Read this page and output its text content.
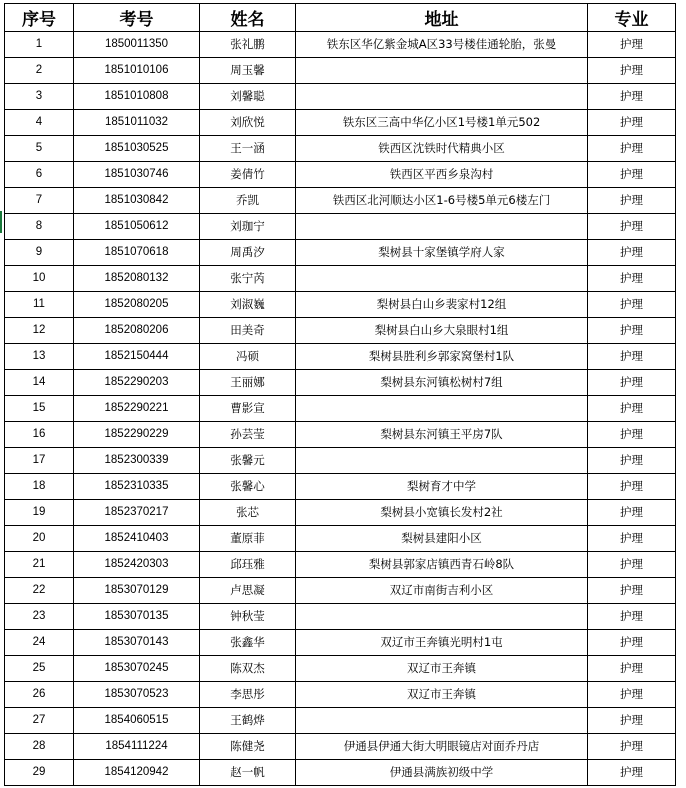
序号	考号	姓名	地址	专业
1	1850011350	张礼鹏	铁东区华亿紫金城A区33号楼佳通轮胎，张曼	护理
2	1851010106	周玉馨		护理
3	1851010808	刘馨聪		护理
4	1851011032	刘欣悦	铁东区三高中华亿小区1号楼1单元502	护理
5	1851030525	王一涵	铁西区沈铁时代精典小区	护理
6	1851030746	姜倩竹	铁西区平西乡泉沟村	护理
7	1851030842	乔凯	铁西区北河顺达小区1-6号楼5单元6楼左门	护理
8	1851050612	刘珈宁		护理
9	1851070618	周禹汐	梨树县十家堡镇学府人家	护理
10	1852080132	张宁芮		护理
11	1852080205	刘淑巍	梨树县白山乡裴家村12组	护理
12	1852080206	田美奇	梨树县白山乡大泉眼村1组	护理
13	1852150444	冯硕	梨树县胜利乡郭家窝堡村1队	护理
14	1852290203	王丽娜	梨树县东河镇松树村7组	护理
15	1852290221	曹影宣		护理
16	1852290229	孙芸莹	梨树县东河镇王平房7队	护理
17	1852300339	张馨元		护理
18	1852310335	张馨心	梨树育才中学	护理
19	1852370217	张芯	梨树县小宽镇长发村2社	护理
20	1852410403	董原菲	梨树县建阳小区	护理
21	1852420303	邱珏雅	梨树县郭家店镇西青石岭8队	护理
22	1853070129	卢思凝	双辽市南街吉利小区	护理
23	1853070135	钟秋莹		护理
24	1853070143	张鑫华	双辽市王奔镇光明村1屯	护理
25	1853070245	陈双杰	双辽市王奔镇	护理
26	1853070523	李思彤	双辽市王奔镇	护理
27	1854060515	王鹤烨		护理
28	1854111224	陈健尧	伊通县伊通大街大明眼镜店对面乔丹店	护理
29	1854120942	赵一帆	伊通县满族初级中学	护理
